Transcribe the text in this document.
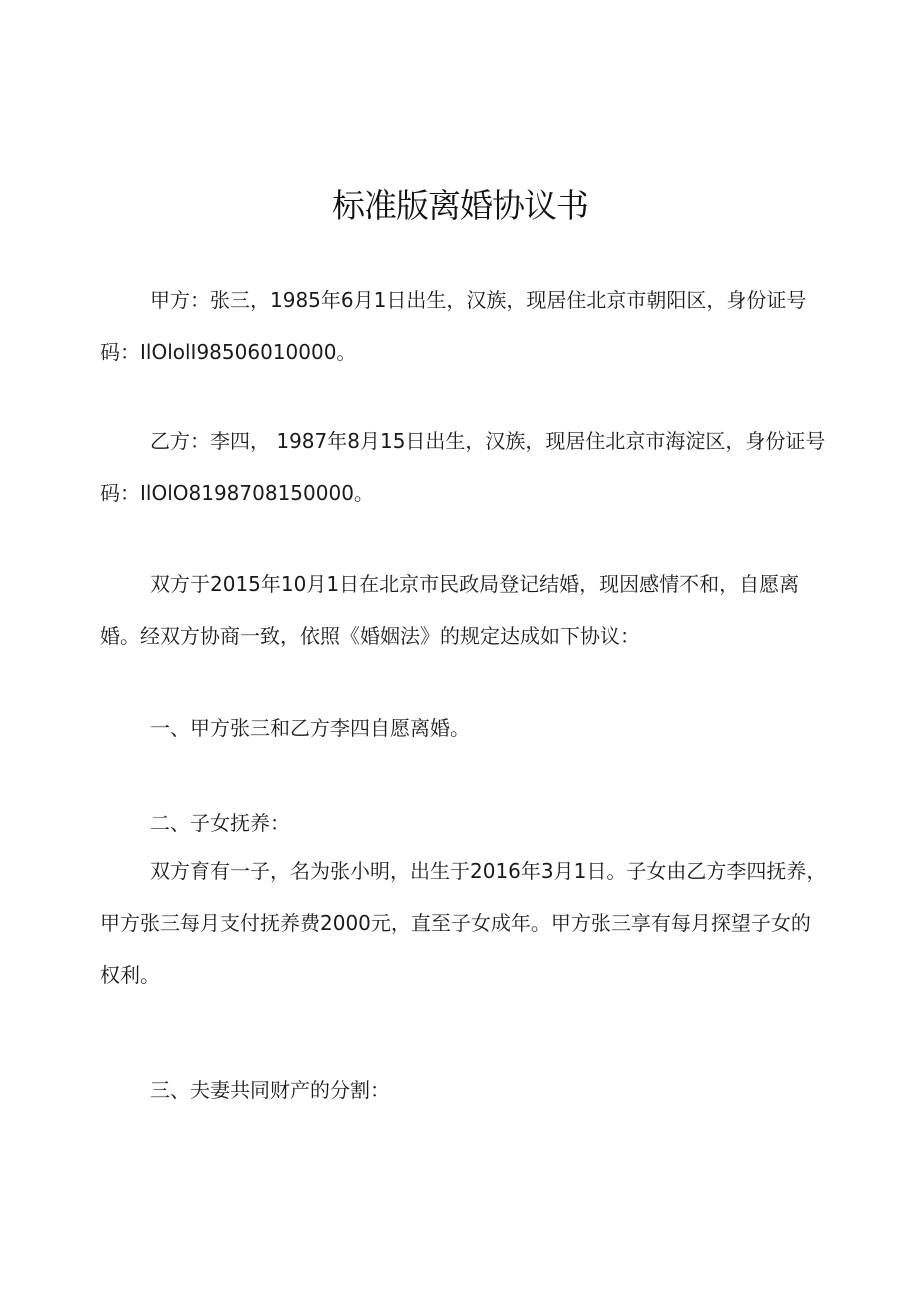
标准版离婚协议书
甲方：张三，1985年6月1日出生，汉族，现居住北京市朝阳区，身份证号码：IlOlolI98506010000。
乙方：李四， 1987年8月15日出生，汉族，现居住北京市海淀区，身份证号码：IlOlO8198708150000。
双方于2015年10月1日在北京市民政局登记结婚，现因感情不和，自愿离婚。经双方协商一致，依照《婚姻法》的规定达成如下协议：
一、甲方张三和乙方李四自愿离婚。
二、子女抚养：
双方育有一子，名为张小明，出生于2016年3月1日。子女由乙方李四抚养，甲方张三每月支付抚养费2000元，直至子女成年。甲方张三享有每月探望子女的权利。
三、夫妻共同财产的分割：
